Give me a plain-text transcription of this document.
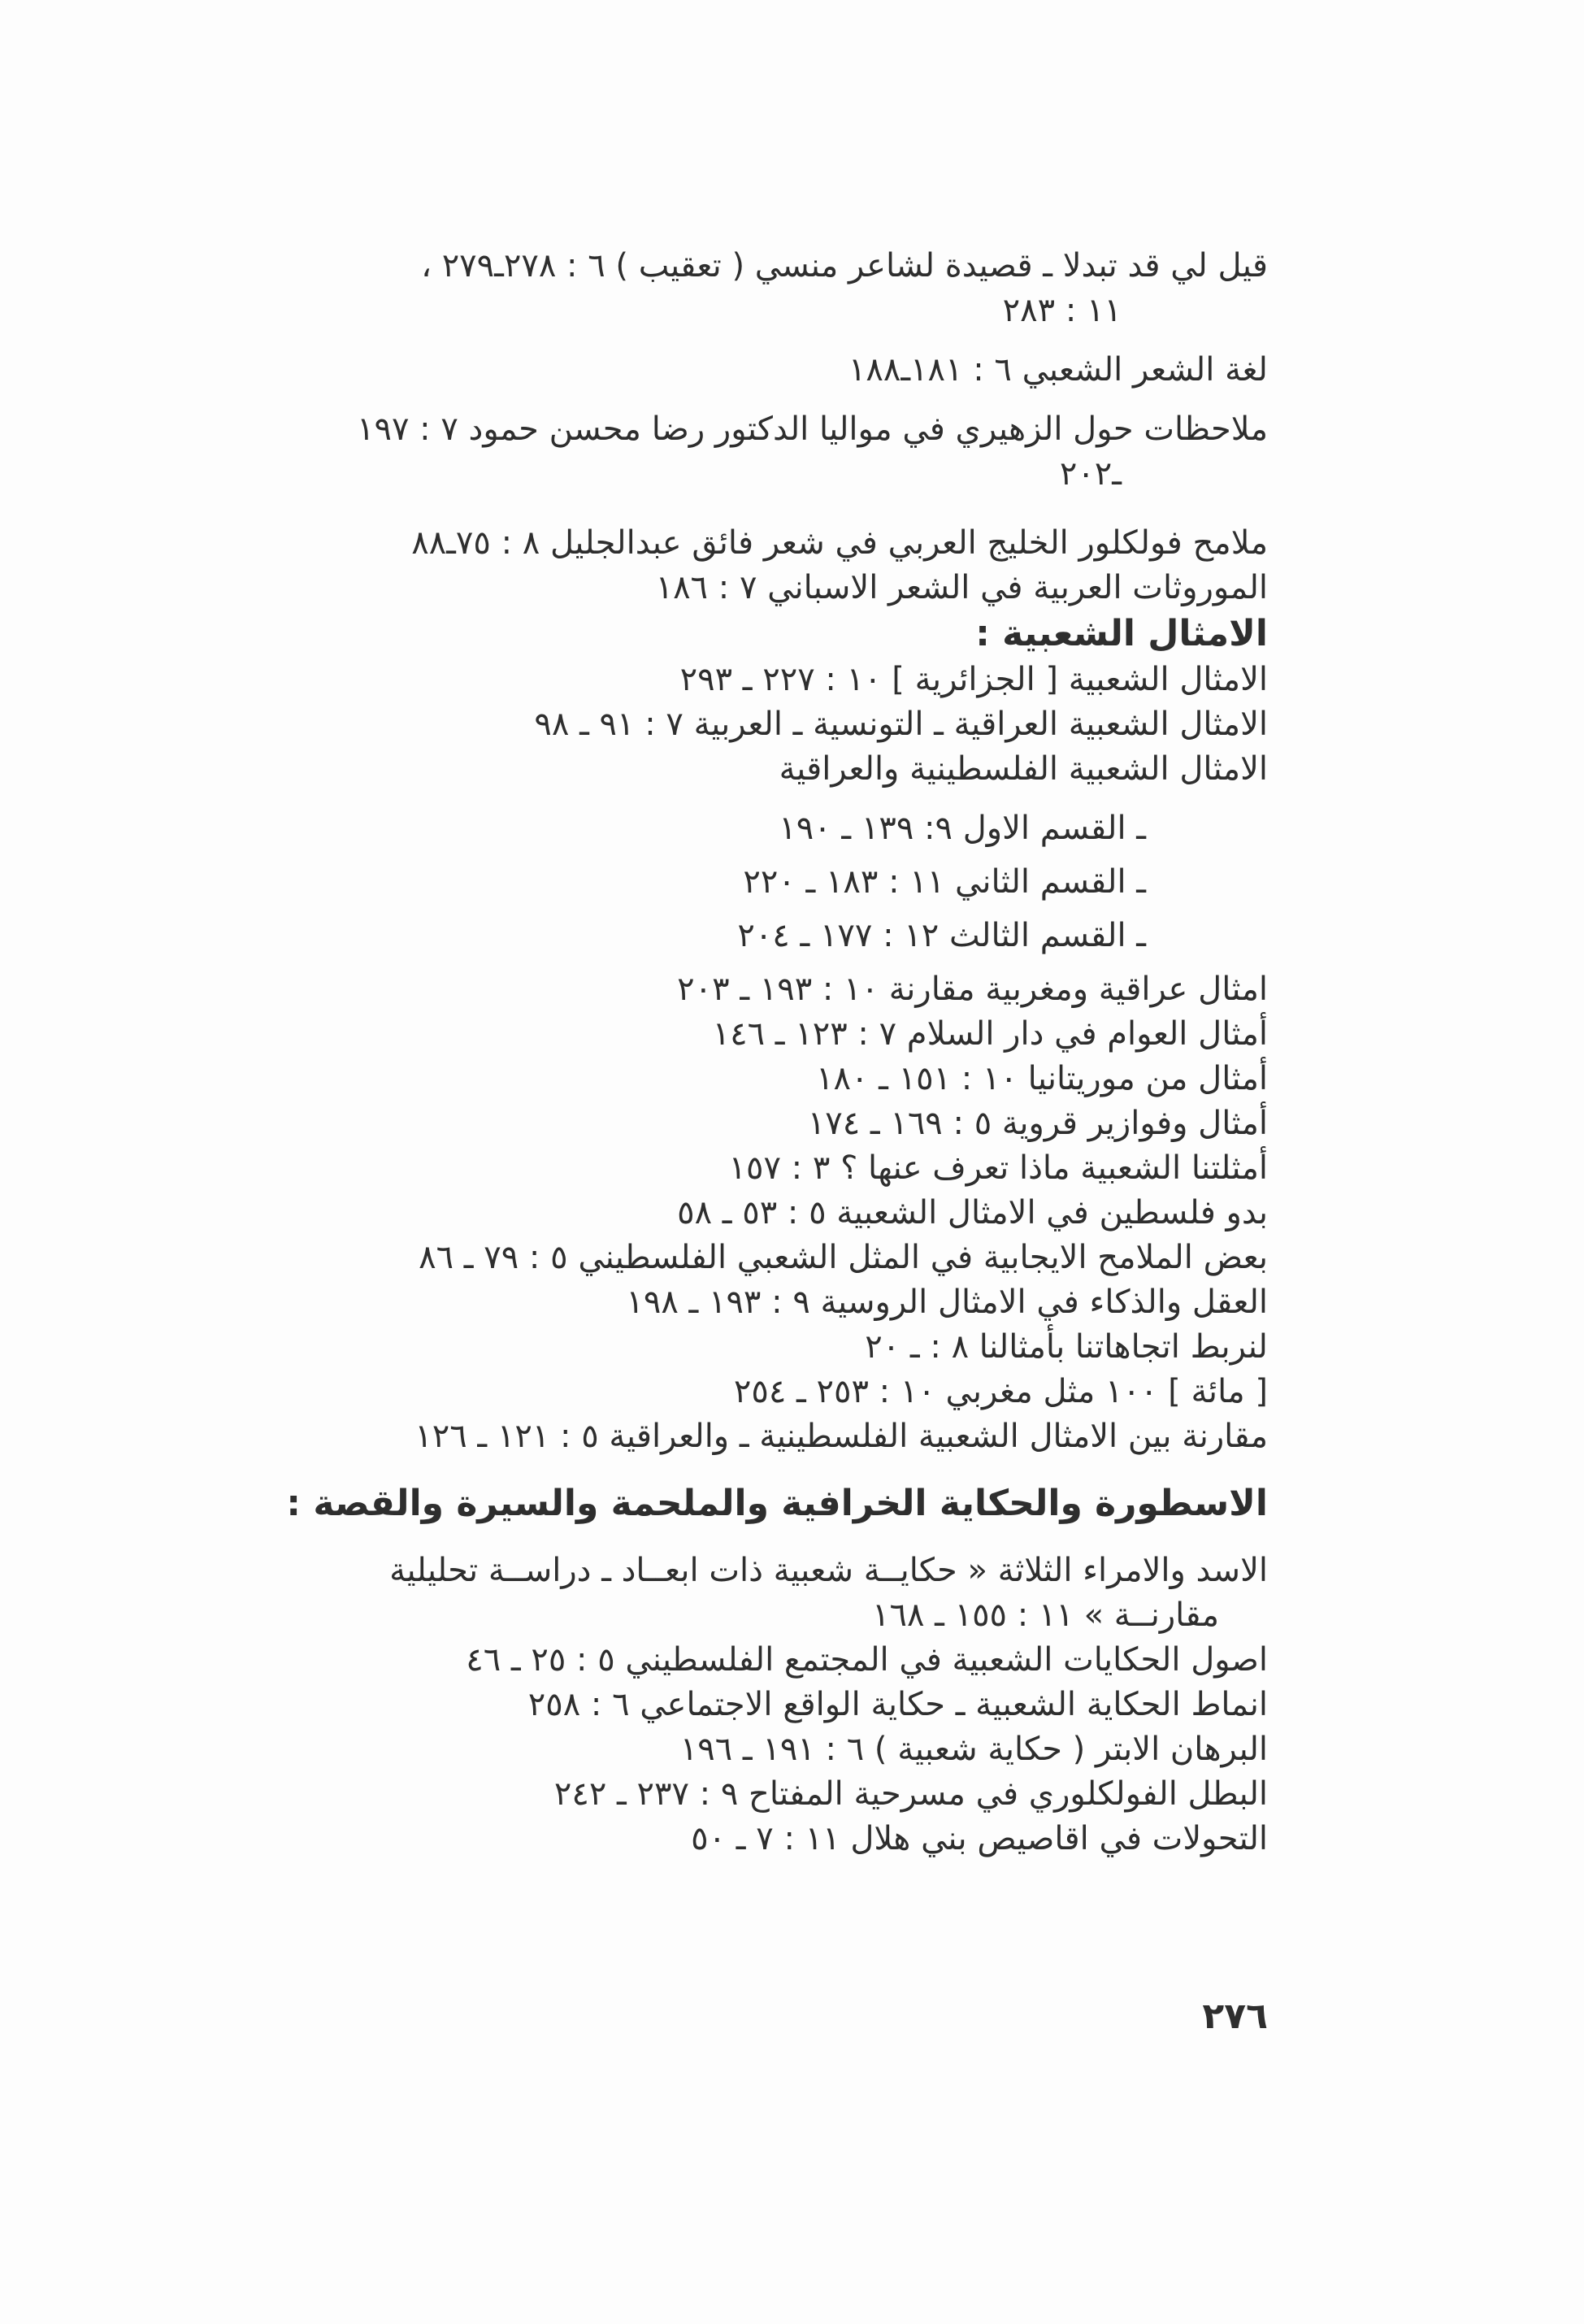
قيل لي قد تبدلا ـ قصيدة لشاعر منسي ( تعقيب ) ٦ : ٢٧٨ـ٢٧٩ ،
١١ : ٢٨٣
لغة الشعر الشعبي ٦ : ١٨١ـ١٨٨
ملاحظات حول الزهيري في مواليا الدكتور رضا محسن حمود ٧ : ١٩٧
ـ٢٠٢
ملامح فولكلور الخليج العربي في شعر فائق عبدالجليل ٨ : ٧٥ـ٨٨
الموروثات العربية في الشعر الاسباني ٧ : ١٨٦
الامثال الشعبية :
الامثال الشعبية [ الجزائرية ] ١٠ : ٢٢٧ ـ ٢٩٣
الامثال الشعبية العراقية ـ التونسية ـ العربية ٧ : ٩١ ـ ٩٨
الامثال الشعبية الفلسطينية والعراقية
ـ القسم الاول ٩: ١٣٩ ـ ١٩٠
ـ القسم الثاني ١١ : ١٨٣ ـ ٢٢٠
ـ القسم الثالث ١٢ : ١٧٧ ـ ٢٠٤
امثال عراقية ومغربية مقارنة ١٠ : ١٩٣ ـ ٢٠٣
أمثال العوام في دار السلام ٧ : ١٢٣ ـ ١٤٦
أمثال من موريتانيا ١٠ : ١٥١ ـ ١٨٠
أمثال وفوازير قروية ٥ : ١٦٩ ـ ١٧٤
أمثلتنا الشعبية ماذا تعرف عنها ؟ ٣ : ١٥٧
بدو فلسطين في الامثال الشعبية ٥ : ٥٣ ـ ٥٨
بعض الملامح الايجابية في المثل الشعبي الفلسطيني ٥ : ٧٩ ـ ٨٦
العقل والذكاء في الامثال الروسية ٩ : ١٩٣ ـ ١٩٨
لنربط اتجاهاتنا بأمثالنا ٨ : ـ ٢٠
[ مائة ] ١٠٠ مثل مغربي ١٠ : ٢٥٣ ـ ٢٥٤
مقارنة بين الامثال الشعبية الفلسطينية ـ والعراقية ٥ : ١٢١ ـ ١٢٦
الاسطورة والحكاية الخرافية والملحمة والسيرة والقصة :
الاسد والامراء الثلاثة « حكايــة شعبية ذات ابعــاد ـ دراســة تحليلية
مقارنــة » ١١ : ١٥٥ ـ ١٦٨
اصول الحكايات الشعبية في المجتمع الفلسطيني ٥ : ٢٥ ـ ٤٦
انماط الحكاية الشعبية ـ حكاية الواقع الاجتماعي ٦ : ٢٥٨
البرهان الابتر ( حكاية شعبية ) ٦ : ١٩١ ـ ١٩٦
البطل الفولكلوري في مسرحية المفتاح ٩ : ٢٣٧ ـ ٢٤٢
التحولات في اقاصيص بني هلال ١١ : ٧ ـ ٥٠
٢٧٦
